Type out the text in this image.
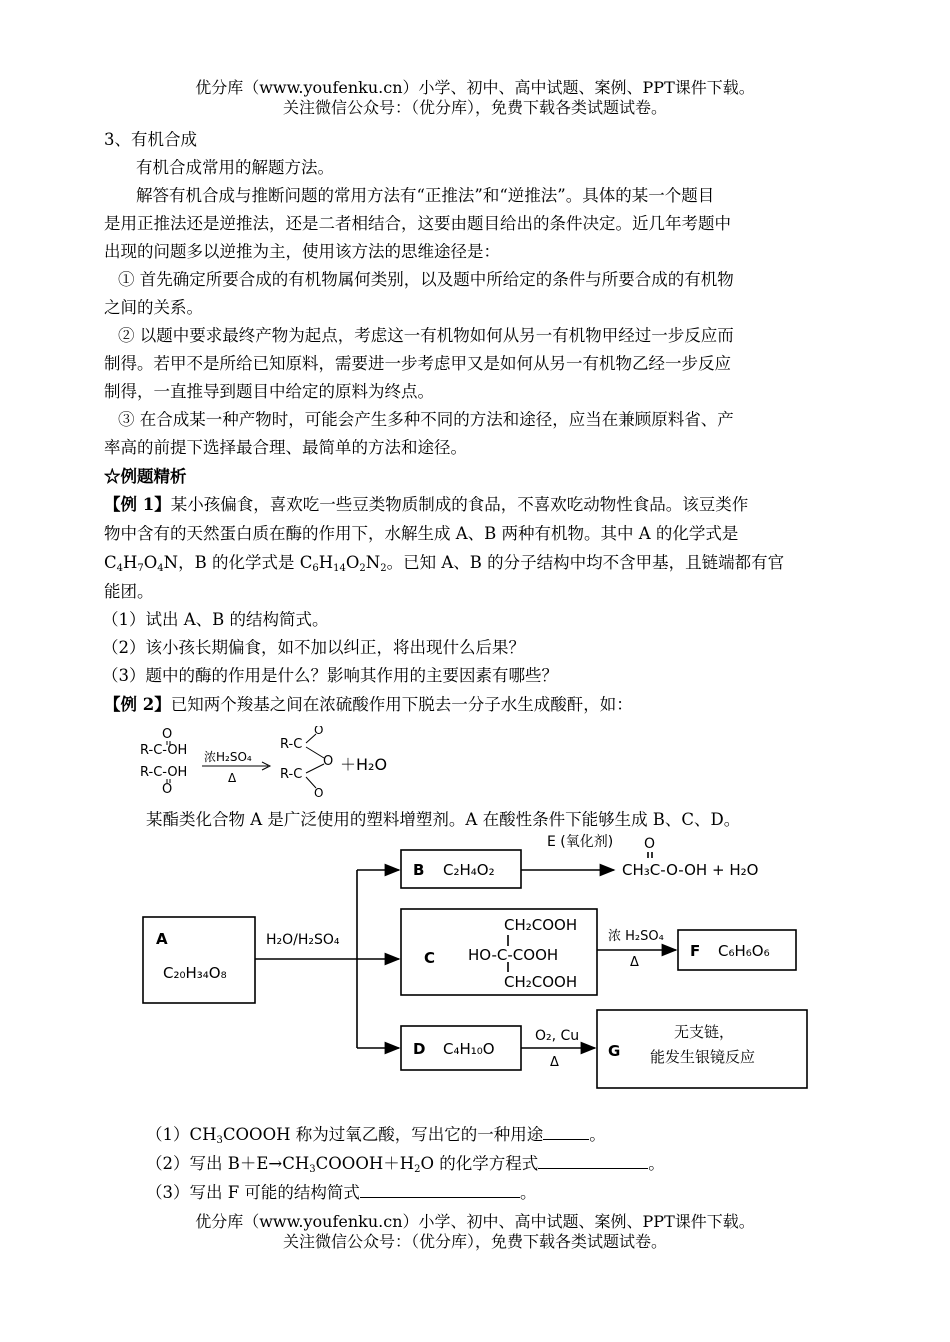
优分库（www.youfenku.cn）小学、初中、高中试题、案例、PPT课件下载。
关注微信公众号：（优分库），免费下载各类试题试卷。
3、有机合成
有机合成常用的解题方法。
解答有机合成与推断问题的常用方法有“正推法”和“逆推法”。具体的某一个题目
是用正推法还是逆推法，还是二者相结合，这要由题目给出的条件决定。近几年考题中
出现的问题多以逆推为主，使用该方法的思维途径是：
① 首先确定所要合成的有机物属何类别，以及题中所给定的条件与所要合成的有机物
之间的关系。
② 以题中要求最终产物为起点，考虑这一有机物如何从另一有机物甲经过一步反应而
制得。若甲不是所给已知原料，需要进一步考虑甲又是如何从另一有机物乙经一步反应
制得，一直推导到题目中给定的原料为终点。
③ 在合成某一种产物时，可能会产生多种不同的方法和途径，应当在兼顾原料省、产
率高的前提下选择最合理、最简单的方法和途径。
☆例题精析
【例 1】某小孩偏食，喜欢吃一些豆类物质制成的食品，不喜欢吃动物性食品。该豆类作
物中含有的天然蛋白质在酶的作用下，水解生成 A、B 两种有机物。其中 A 的化学式是
$C_4H_7O_4N$，B 的化学式是 $C_6H_{14}O_2N_2$。已知 A、B 的分子结构中均不含甲基，且链端都有官
能团。
（1）试出 A、B 的结构简式。
（2）该小孩长期偏食，如不加以纠正，将出现什么后果？
（3）题中的酶的作用是什么？影响其作用的主要因素有哪些？
【例 2】已知两个羧基之间在浓硫酸作用下脱去一分子水生成酸酐，如：
O
R-C-OH
R-C-OH
O
浓H₂SO₄
Δ
R-C
R-C
O
O
O
＋H₂O
某酯类化合物 A 是广泛使用的塑料增塑剂。A 在酸性条件下能够生成 B、C、D。
A
C₂₀H₃₄O₈
H₂O/H₂SO₄
B C₂H₄O₂
E (氧化剂) O
CH₃C-O-OH + H₂O
C
CH₂COOH
HO-C-COOH
CH₂COOH
浓 H₂SO₄
Δ
F C₆H₆O₆
D C₄H₁₀O
O₂, Cu
Δ
G
无支链，
能发生银镜反应
$(1)CH_3COOOH$ 称为过氧乙酸，写出它的一种用途	。
（2）写出 $B+E\to CH_3COOOH+H_2O$ 的化学方程式	。
（3）写出 F 可能的结构简式	。
优分库（www.youfenku.cn）小学、初中、高中试题、案例、PPT课件下载。
关注微信公众号：（优分库），免费下载各类试题试卷。
